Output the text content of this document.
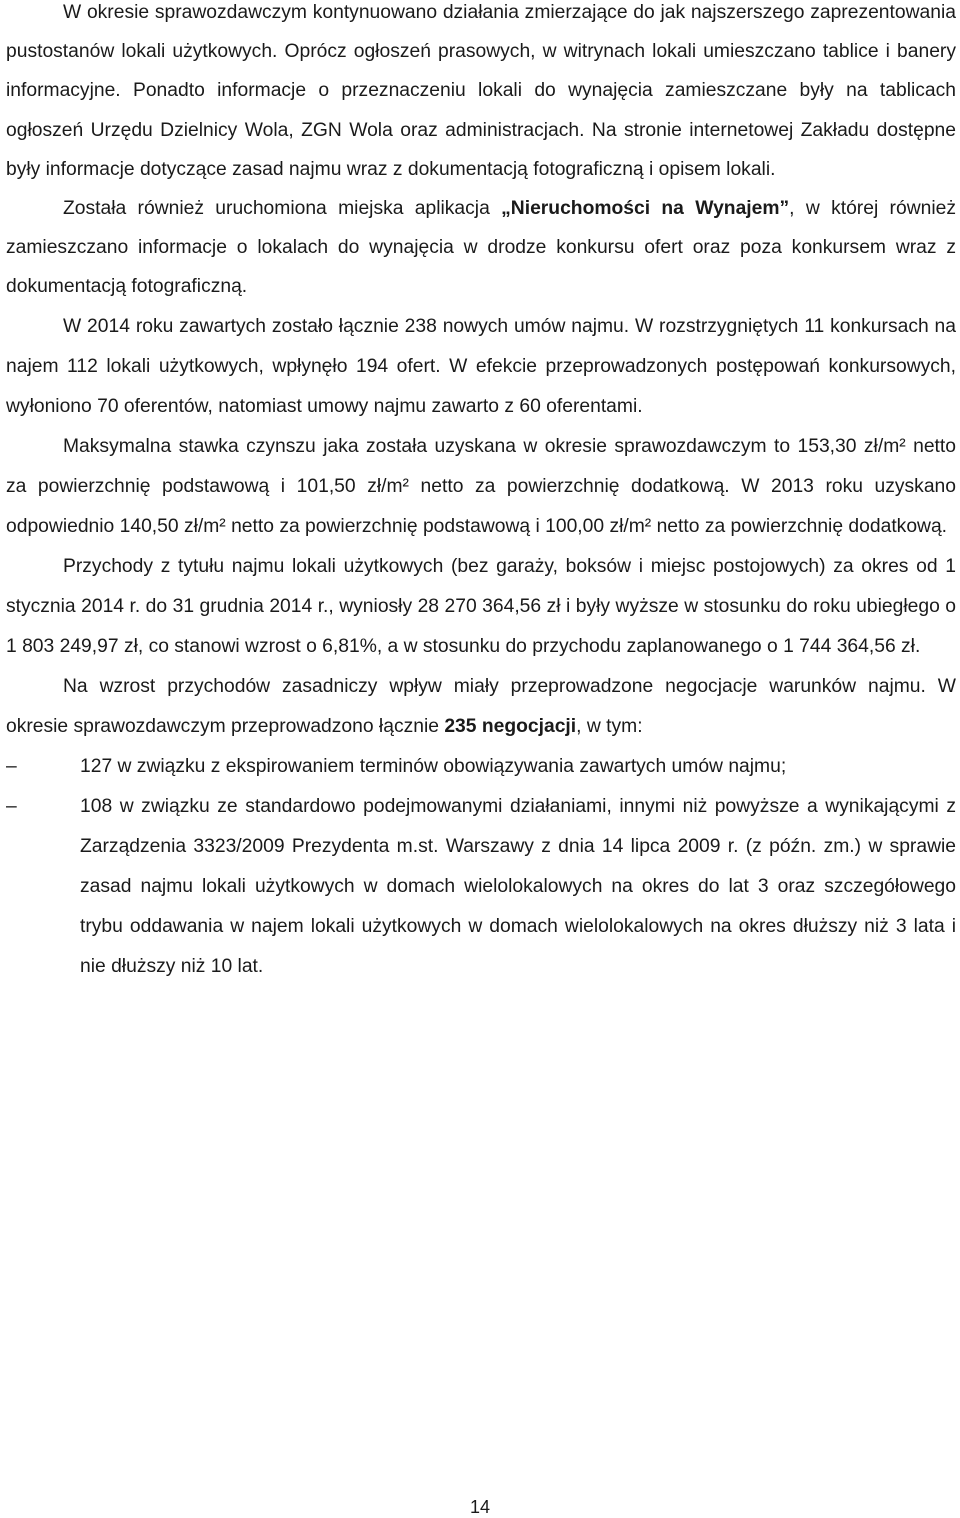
W okresie sprawozdawczym kontynuowano działania zmierzające do jak najszerszego zaprezentowania pustostanów lokali użytkowych. Oprócz ogłoszeń prasowych, w witrynach lokali umieszczano tablice i banery informacyjne. Ponadto informacje o przeznaczeniu lokali do wynajęcia zamieszczane były na tablicach ogłoszeń Urzędu Dzielnicy Wola, ZGN Wola oraz administracjach. Na stronie internetowej Zakładu dostępne były informacje dotyczące zasad najmu wraz z dokumentacją fotograficzną i opisem lokali.

Została również uruchomiona miejska aplikacja „Nieruchomości na Wynajem”, w której również zamieszczano informacje o lokalach do wynajęcia w drodze konkursu ofert oraz poza konkursem wraz z dokumentacją fotograficzną.

W 2014 roku zawartych zostało łącznie 238 nowych umów najmu. W rozstrzygniętych 11 konkursach na najem 112 lokali użytkowych, wpłynęło 194 ofert. W efekcie przeprowadzonych postępowań konkursowych, wyłoniono 70 oferentów, natomiast umowy najmu zawarto z 60 oferentami.

Maksymalna stawka czynszu jaka została uzyskana w okresie sprawozdawczym to 153,30 zł/m² netto za powierzchnię podstawową i 101,50 zł/m² netto za powierzchnię dodatkową. W 2013 roku uzyskano odpowiednio 140,50 zł/m² netto za powierzchnię podstawową i 100,00 zł/m² netto za powierzchnię dodatkową.

Przychody z tytułu najmu lokali użytkowych (bez garaży, boksów i miejsc postojowych) za okres od 1 stycznia 2014 r. do 31 grudnia 2014 r., wyniosły 28 270 364,56 zł i były wyższe w stosunku do roku ubiegłego o 1 803 249,97 zł, co stanowi wzrost o 6,81%, a w stosunku do przychodu zaplanowanego o 1 744 364,56 zł.

Na wzrost przychodów zasadniczy wpływ miały przeprowadzone negocjacje warunków najmu. W okresie sprawozdawczym przeprowadzono łącznie 235 negocjacji, w tym:

–	127 w związku z ekspirowaniem terminów obowiązywania zawartych umów najmu;
–	108 w związku ze standardowo podejmowanymi działaniami, innymi niż powyższe a wynikającymi z Zarządzenia 3323/2009 Prezydenta m.st. Warszawy z dnia 14 lipca 2009 r. (z późn. zm.) w sprawie zasad najmu lokali użytkowych w domach wielolokalowych na okres do lat 3 oraz szczegółowego trybu oddawania w najem lokali użytkowych w domach wielolokalowych na okres dłuższy niż 3 lata i nie dłuższy niż 10 lat.
14
